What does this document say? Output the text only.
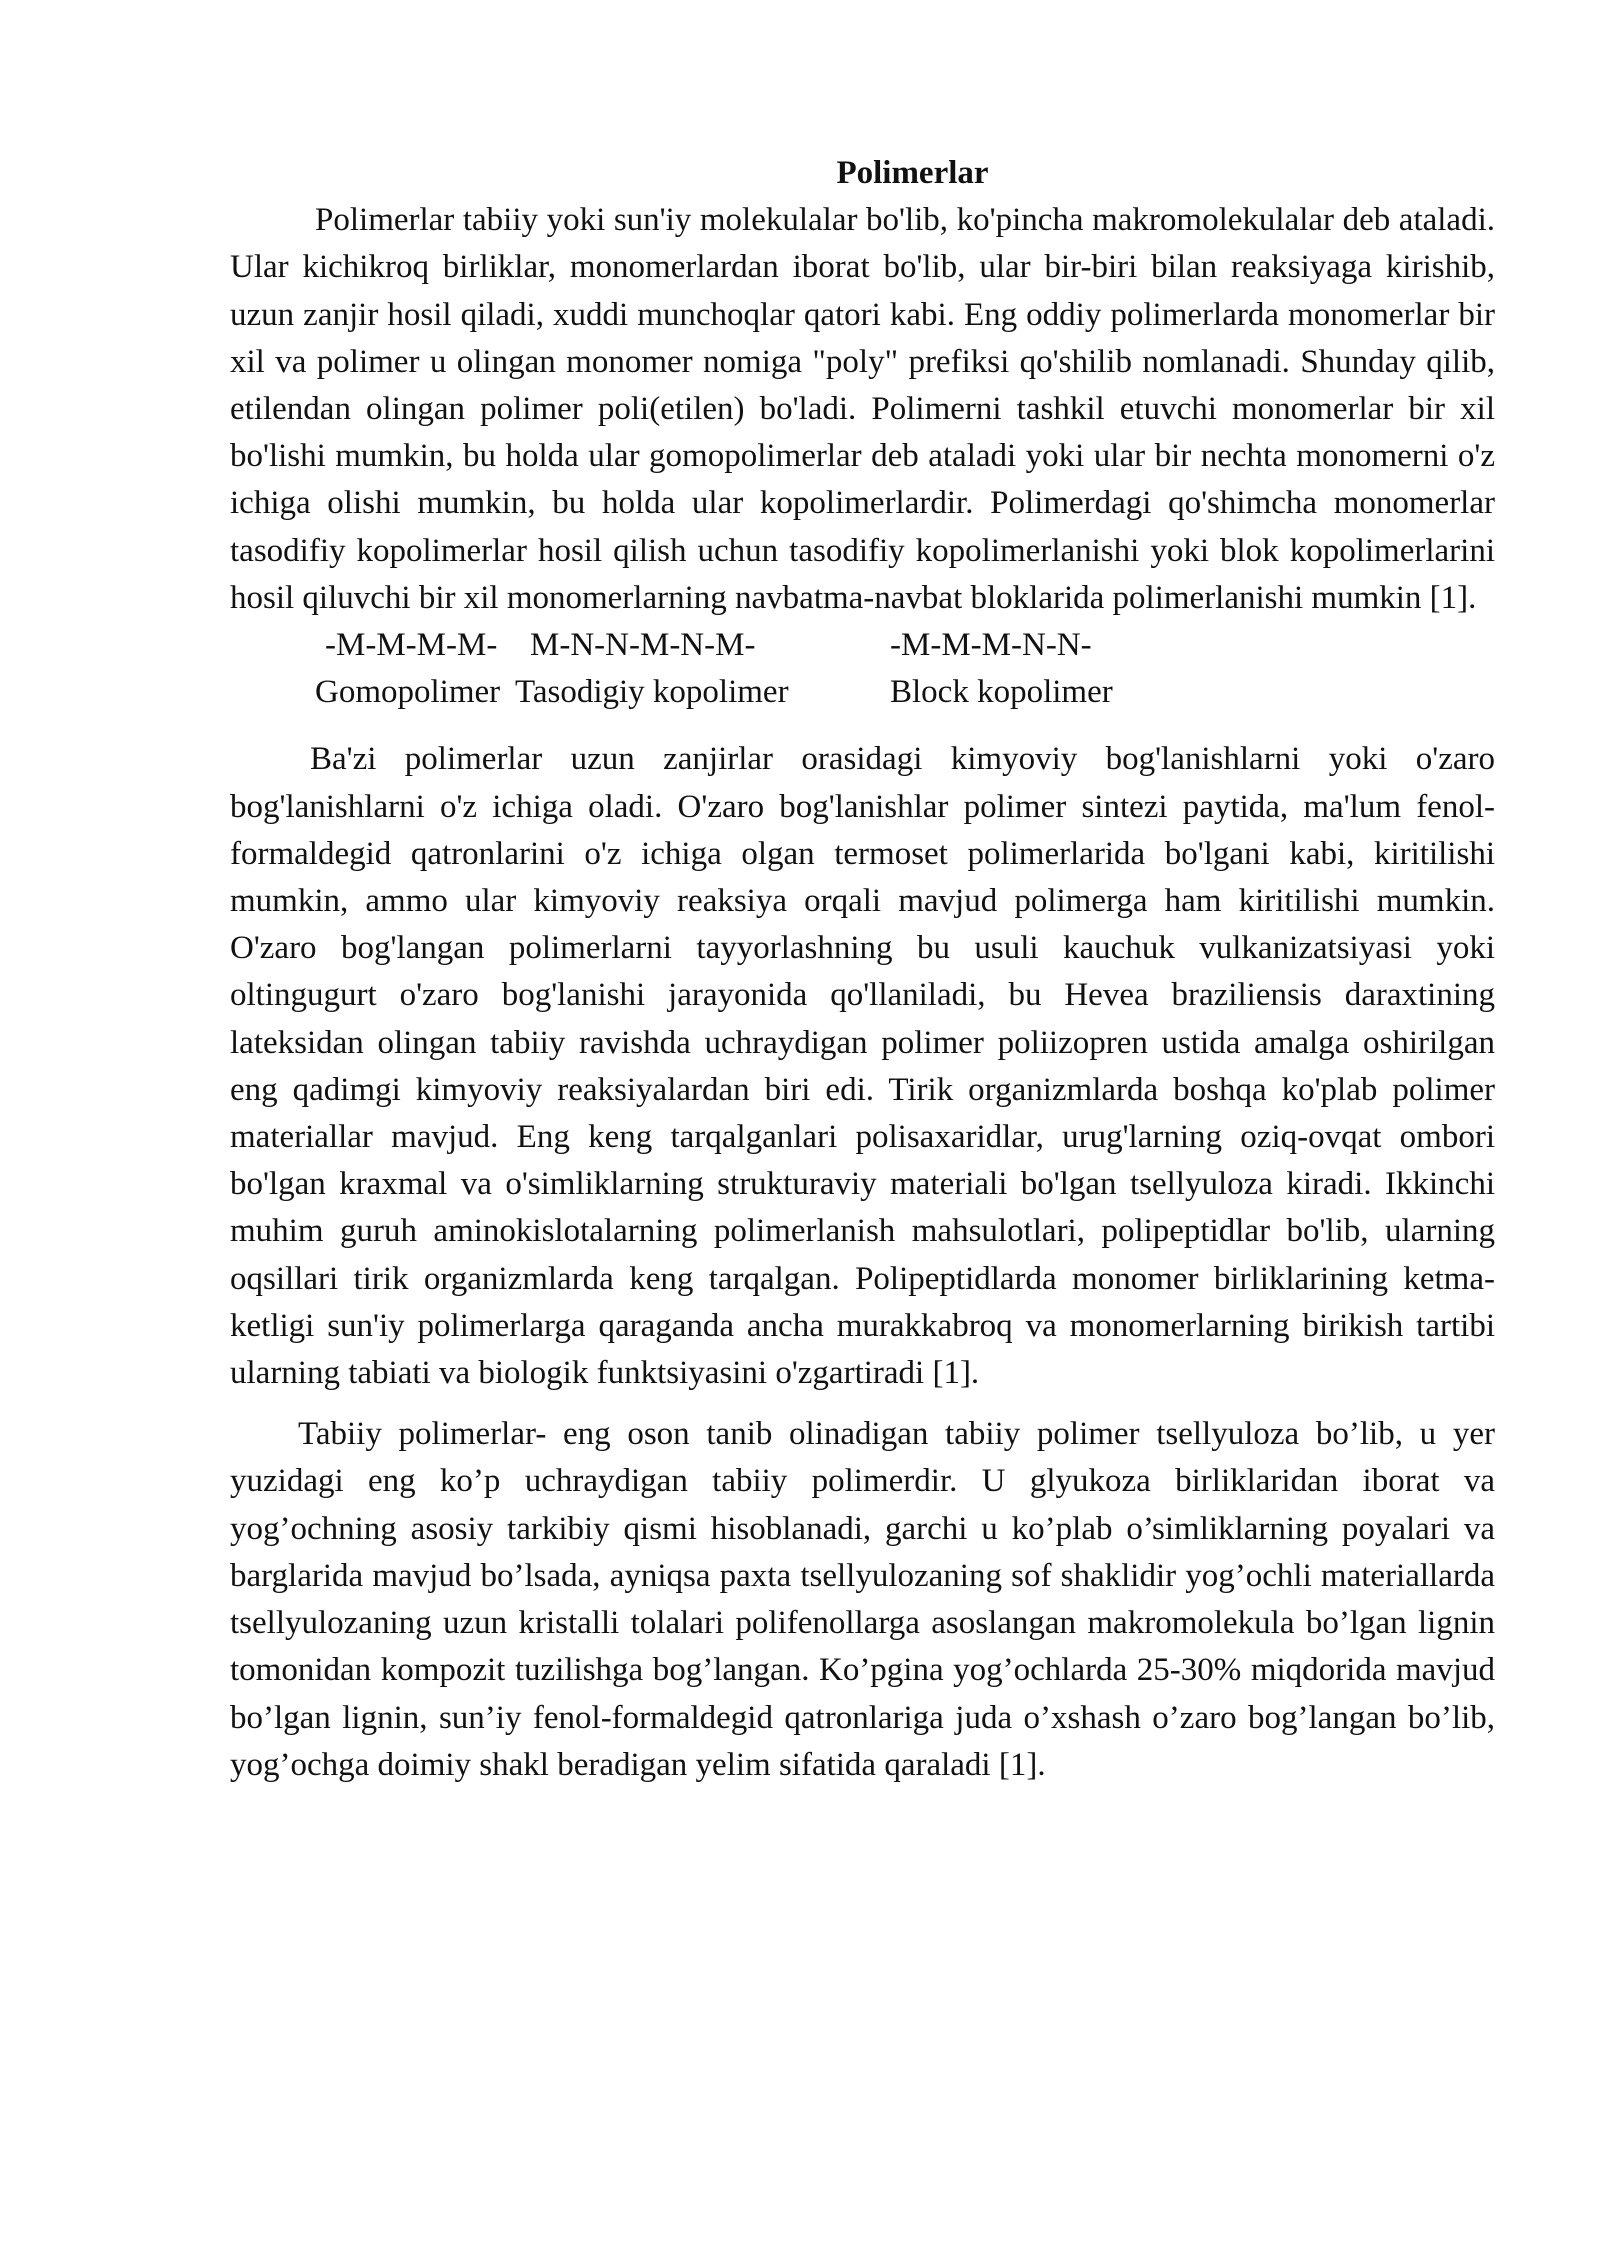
Polimerlar

Polimerlar tabiiy yoki sun'iy molekulalar bo'lib, ko'pincha makromolekulalar deb ataladi. Ular kichikroq birliklar, monomerlardan iborat bo'lib, ular bir-biri bilan reaksiyaga kirishib, uzun zanjir hosil qiladi, xuddi munchoqlar qatori kabi. Eng oddiy polimerlarda monomerlar bir xil va polimer u olingan monomer nomiga "poly" prefiksi qo'shilib nomlanadi. Shunday qilib, etilendan olingan polimer poli(etilen) bo'ladi. Polimerni tashkil etuvchi monomerlar bir xil bo'lishi mumkin, bu holda ular gomopolimerlar deb ataladi yoki ular bir nechta monomerni o'z ichiga olishi mumkin, bu holda ular kopolimerlardir. Polimerdagi qo'shimcha monomerlar tasodifiy kopolimerlar hosil qilish uchun tasodifiy kopolimerlanishi yoki blok kopolimerlarini hosil qiluvchi bir xil monomerlarning navbatma-navbat bloklarida polimerlanishi mumkin [1].

-M-M-M-M- M-N-N-M-N-M-	-M-M-M-N-N-
Gomopolimer Tasodigiy kopolimer	Block kopolimer

Ba'zi polimerlar uzun zanjirlar orasidagi kimyoviy bog'lanishlarni yoki o'zaro bog'lanishlarni o'z ichiga oladi. O'zaro bog'lanishlar polimer sintezi paytida, ma'lum fenol-formaldegid qatronlarini o'z ichiga olgan termoset polimerlarida bo'lgani kabi, kiritilishi mumkin, ammo ular kimyoviy reaksiya orqali mavjud polimerga ham kiritilishi mumkin. O'zaro bog'langan polimerlarni tayyorlashning bu usuli kauchuk vulkanizatsiyasi yoki oltingugurt o'zaro bog'lanishi jarayonida qo'llaniladi, bu Hevea braziliensis daraxtining lateksidan olingan tabiiy ravishda uchraydigan polimer poliizopren ustida amalga oshirilgan eng qadimgi kimyoviy reaksiyalardan biri edi. Tirik organizmlarda boshqa ko'plab polimer materiallar mavjud. Eng keng tarqalganlari polisaxaridlar, urug'larning oziq-ovqat ombori bo'lgan kraxmal va o'simliklarning strukturaviy materiali bo'lgan tsellyuloza kiradi. Ikkinchi muhim guruh aminokislotalarning polimerlanish mahsulotlari, polipeptidlar bo'lib, ularning oqsillari tirik organizmlarda keng tarqalgan. Polipeptidlarda monomer birliklarining ketma-ketligi sun'iy polimerlarga qaraganda ancha murakkabroq va monomerlarning birikish tartibi ularning tabiati va biologik funktsiyasini o'zgartiradi [1].

Tabiiy polimerlar- eng oson tanib olinadigan tabiiy polimer tsellyuloza bo’lib, u yer yuzidagi eng ko’p uchraydigan tabiiy polimerdir. U glyukoza birliklaridan iborat va yog’ochning asosiy tarkibiy qismi hisoblanadi, garchi u ko’plab o’simliklarning poyalari va barglarida mavjud bo’lsada, ayniqsa paxta tsellyulozaning sof shaklidir yog’ochli materiallarda tsellyulozaning uzun kristalli tolalari polifenollarga asoslangan makromolekula bo’lgan lignin tomonidan kompozit tuzilishga bog’langan. Ko’pgina yog’ochlarda 25-30% miqdorida mavjud bo’lgan lignin, sun’iy fenol-formaldegid qatronlariga juda o’xshash o’zaro bog’langan bo’lib, yog’ochga doimiy shakl beradigan yelim sifatida qaraladi [1].
